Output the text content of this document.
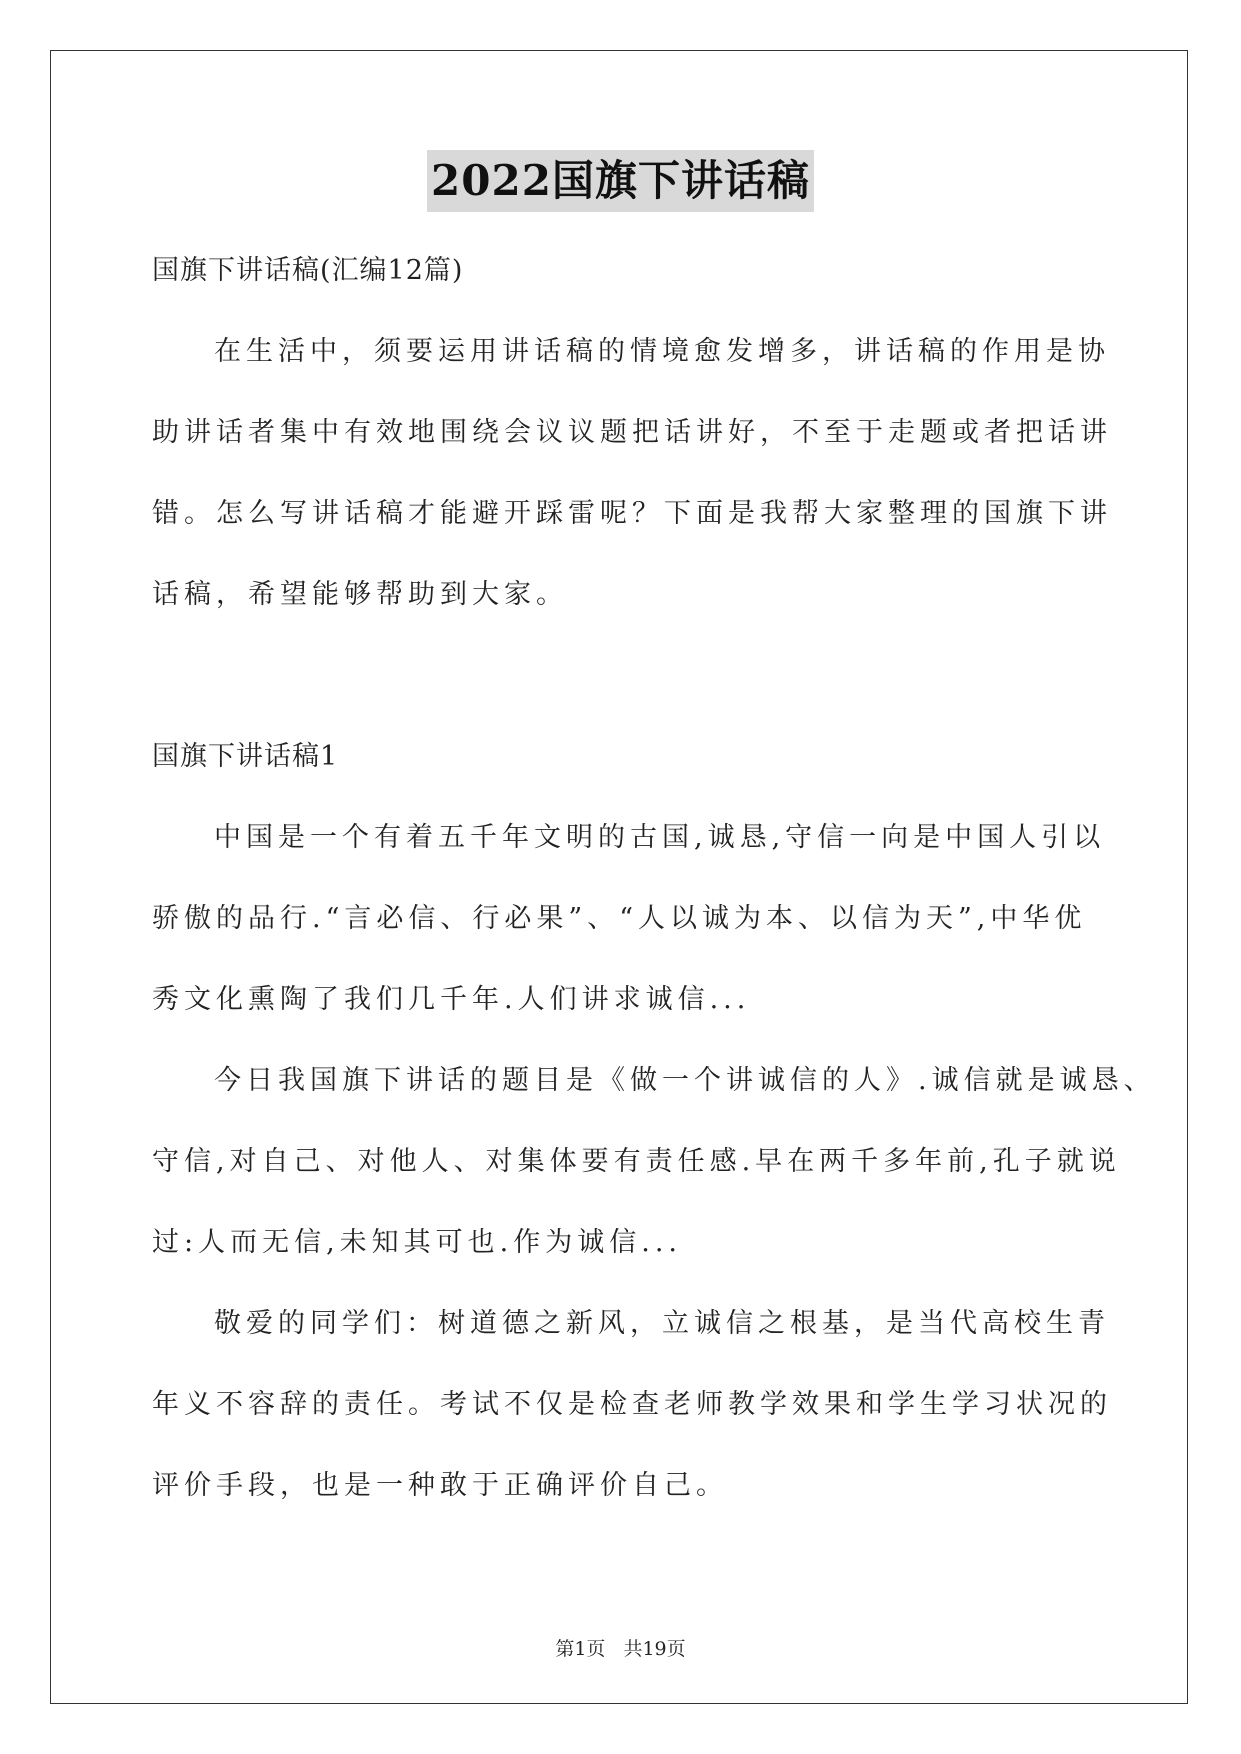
2022国旗下讲话稿

国旗下讲话稿(汇编12篇)

在生活中，须要运用讲话稿的情境愈发增多，讲话稿的作用是协

助讲话者集中有效地围绕会议议题把话讲好，不至于走题或者把话讲

错。怎么写讲话稿才能避开踩雷呢？下面是我帮大家整理的国旗下讲

话稿，希望能够帮助到大家。

国旗下讲话稿1

中国是一个有着五千年文明的古国,诚恳,守信一向是中国人引以

骄傲的品行.“言必信、行必果”、“人以诚为本、以信为天”,中华优

秀文化熏陶了我们几千年.人们讲求诚信...

今日我国旗下讲话的题目是《做一个讲诚信的人》.诚信就是诚恳、

守信,对自己、对他人、对集体要有责任感.早在两千多年前,孔子就说

过:人而无信,未知其可也.作为诚信...

敬爱的同学们：树道德之新风，立诚信之根基，是当代高校生青

年义不容辞的责任。考试不仅是检查老师教学效果和学生学习状况的

评价手段，也是一种敢于正确评价自己。

第1页 共19页
